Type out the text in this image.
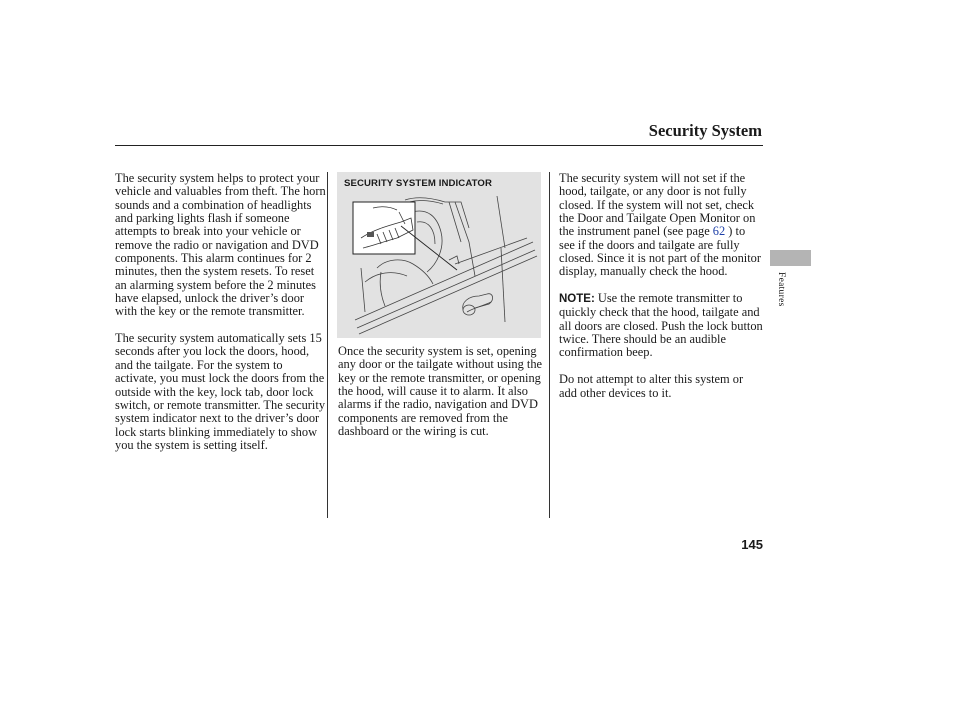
Security System

The security system helps to protect your vehicle and valuables from theft. The horn sounds and a combination of headlights and parking lights flash if someone attempts to break into your vehicle or remove the radio or navigation and DVD components. This alarm continues for 2 minutes, then the system resets. To reset an alarming system before the 2 minutes have elapsed, unlock the driver’s door with the key or the remote transmitter.

The security system automatically sets 15 seconds after you lock the doors, hood, and the tailgate. For the system to activate, you must lock the doors from the outside with the key, lock tab, door lock switch, or remote transmitter. The security system indicator next to the driver’s door lock starts blinking immediately to show you the system is setting itself.

SECURITY SYSTEM INDICATOR

Once the security system is set, opening any door or the tailgate without using the key or the remote transmitter, or opening the hood, will cause it to alarm. It also alarms if the radio, navigation and DVD components are removed from the dashboard or the wiring is cut.

The security system will not set if the hood, tailgate, or any door is not fully closed. If the system will not set, check the Door and Tailgate Open Monitor on the instrument panel (see page 62 ) to see if the doors and tailgate are fully closed. Since it is not part of the monitor display, manually check the hood.

NOTE: Use the remote transmitter to quickly check that the hood, tailgate and all doors are closed. Push the lock button twice. There should be an audible confirmation beep.

Do not attempt to alter this system or add other devices to it.

Features
145
